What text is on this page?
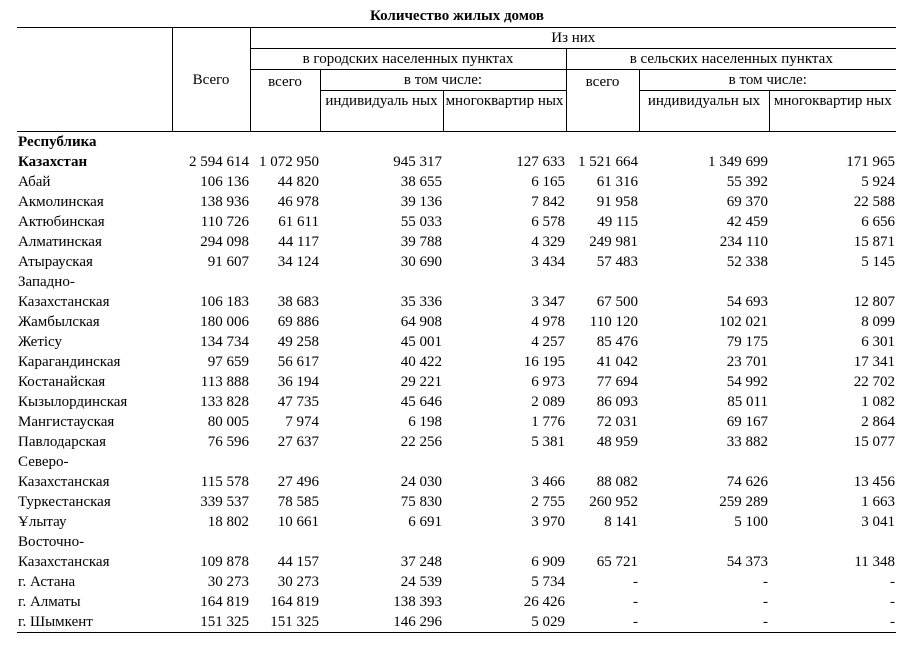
Количество жилых домов
	Всего	Из них					
		в городских населенных пунктах			в сельских населенных пунктах		
		всего	в том числе:		всего	в том числе:	
			индивидуаль ных	многоквартир ных		индивидуальн ых	многоквартир ных
Республика							
Казахстан	2 594 614	1 072 950	945 317	127 633	1 521 664	1 349 699	171 965
Абай	106 136	44 820	38 655	6 165	61 316	55 392	5 924
Акмолинская	138 936	46 978	39 136	7 842	91 958	69 370	22 588
Актюбинская	110 726	61 611	55 033	6 578	49 115	42 459	6 656
Алматинская	294 098	44 117	39 788	4 329	249 981	234 110	15 871
Атырауская	91 607	34 124	30 690	3 434	57 483	52 338	5 145
Западно-							
Казахстанская	106 183	38 683	35 336	3 347	67 500	54 693	12 807
Жамбылская	180 006	69 886	64 908	4 978	110 120	102 021	8 099
Жетісу	134 734	49 258	45 001	4 257	85 476	79 175	6 301
Карагандинская	97 659	56 617	40 422	16 195	41 042	23 701	17 341
Костанайская	113 888	36 194	29 221	6 973	77 694	54 992	22 702
Кызылординская	133 828	47 735	45 646	2 089	86 093	85 011	1 082
Мангистауская	80 005	7 974	6 198	1 776	72 031	69 167	2 864
Павлодарская	76 596	27 637	22 256	5 381	48 959	33 882	15 077
Северо-							
Казахстанская	115 578	27 496	24 030	3 466	88 082	74 626	13 456
Туркестанская	339 537	78 585	75 830	2 755	260 952	259 289	1 663
Ұлытау	18 802	10 661	6 691	3 970	8 141	5 100	3 041
Восточно-							
Казахстанская	109 878	44 157	37 248	6 909	65 721	54 373	11 348
г. Астана	30 273	30 273	24 539	5 734	-	-	-
г. Алматы	164 819	164 819	138 393	26 426	-	-	-
г. Шымкент	151 325	151 325	146 296	5 029	-	-	-
